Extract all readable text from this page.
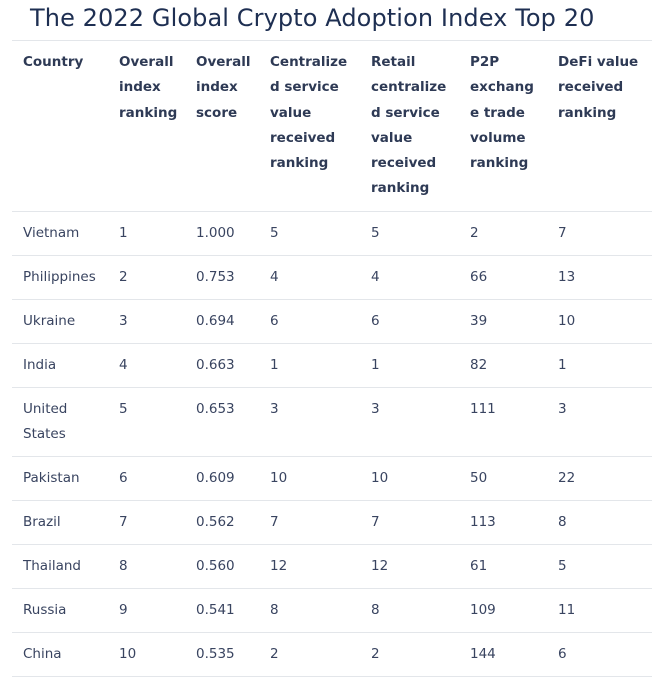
The 2022 Global Crypto Adoption Index Top 20
Country	Overall index ranking	Overall index score	Centralized service value received ranking	Retail centralized service value received ranking	P2P exchange trade volume ranking	DeFi value received ranking
Vietnam	1	1.000	5	5	2	7
Philippines	2	0.753	4	4	66	13
Ukraine	3	0.694	6	6	39	10
India	4	0.663	1	1	82	1
United States	5	0.653	3	3	111	3
Pakistan	6	0.609	10	10	50	22
Brazil	7	0.562	7	7	113	8
Thailand	8	0.560	12	12	61	5
Russia	9	0.541	8	8	109	11
China	10	0.535	2	2	144	6
